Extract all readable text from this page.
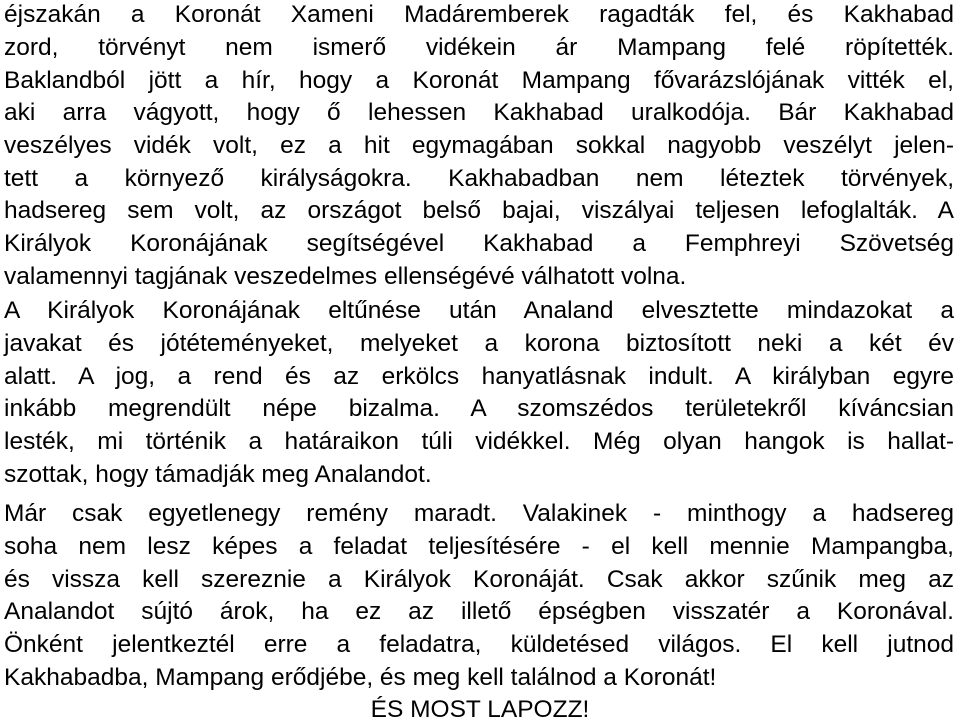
éjszakán a Koronát Xameni Madáremberek ragadták fel, és Kakhabad
zord, törvényt nem ismerő vidékein ár Mampang felé röpítették.
Baklandból jött a hír, hogy a Koronát Mampang fővarázslójának vitték el,
aki arra vágyott, hogy ő lehessen Kakhabad uralkodója. Bár Kakhabad
veszélyes vidék volt, ez a hit egymagában sokkal nagyobb veszélyt jelen-
tett a környező királyságokra. Kakhabadban nem léteztek törvények,
hadsereg sem volt, az országot belső bajai, viszályai teljesen lefoglalták. A
Királyok Koronájának segítségével Kakhabad a Femphreyi Szövetség
valamennyi tagjának veszedelmes ellenségévé válhatott volna.
A Királyok Koronájának eltűnése után Analand elvesztette mindazokat a
javakat és jótéteményeket, melyeket a korona biztosított neki a két év
alatt. A jog, a rend és az erkölcs hanyatlásnak indult. A királyban egyre
inkább megrendült népe bizalma. A szomszédos területekről kíváncsian
lesték, mi történik a határaikon túli vidékkel. Még olyan hangok is hallat-
szottak, hogy támadják meg Analandot.
Már csak egyetlenegy remény maradt. Valakinek - minthogy a hadsereg
soha nem lesz képes a feladat teljesítésére - el kell mennie Mampangba,
és vissza kell szereznie a Királyok Koronáját. Csak akkor szűnik meg az
Analandot sújtó árok, ha ez az illető épségben visszatér a Koronával.
Önként jelentkeztél erre a feladatra, küldetésed világos. El kell jutnod
Kakhabadba, Mampang erődjébe, és meg kell találnod a Koronát!
ÉS MOST LAPOZZ!
